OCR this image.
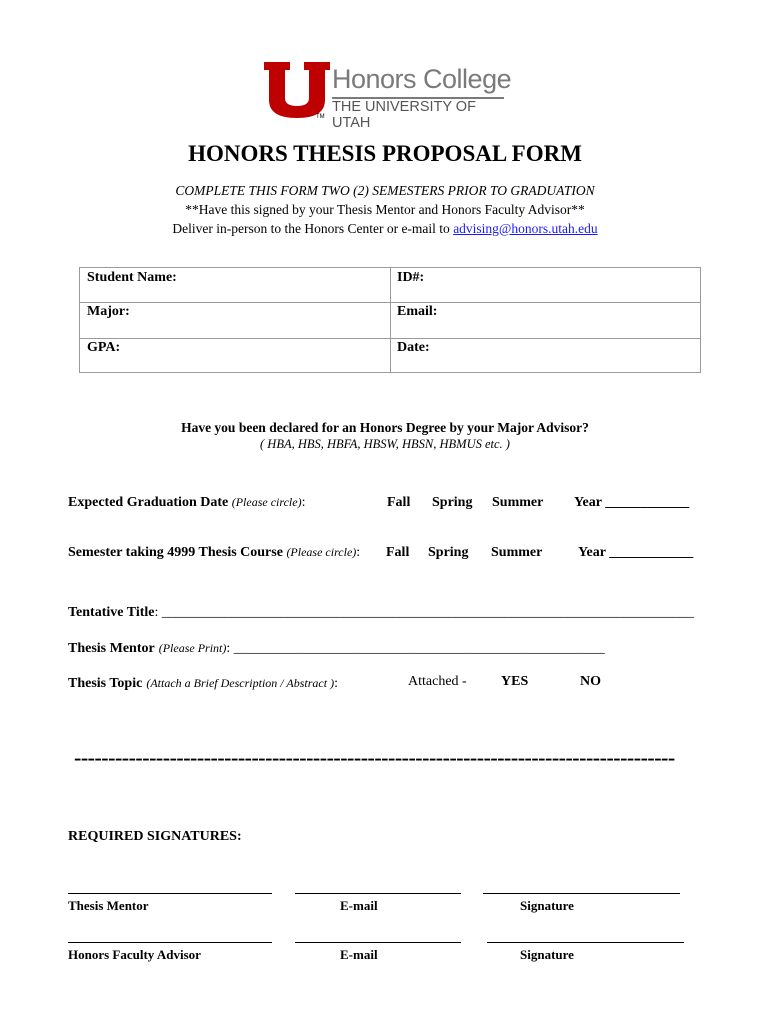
TM
Honors College
THE UNIVERSITY OF UTAH
HONORS THESIS PROPOSAL FORM
COMPLETE THIS FORM TWO (2) SEMESTERS PRIOR TO GRADUATION
**Have this signed by your Thesis Mentor and Honors Faculty Advisor**
Deliver in-person to the Honors Center or e-mail to advising@honors.utah.edu
Student Name:	ID#:
Major:	Email:
GPA:	Date:
Have you been declared for an Honors Degree by your Major Advisor?
( HBA, HBS, HBFA, HBSW, HBSN, HBMUS etc. )
Expected Graduation Date (Please circle):	Fall Spring Summer Year ____________
Semester taking 4999 Thesis Course (Please circle): Fall Spring Summer	Year ____________
Tentative Title: ____________________________________________________________________________
Thesis Mentor (Please Print): _____________________________________________________
Thesis Topic (Attach a Brief Description / Abstract ):	Attached - YES	NO
----------------------------------------------------------------------------------------
REQUIRED SIGNATURES:
Thesis Mentor	E-mail	Signature
Honors Faculty Advisor	E-mail	Signature
